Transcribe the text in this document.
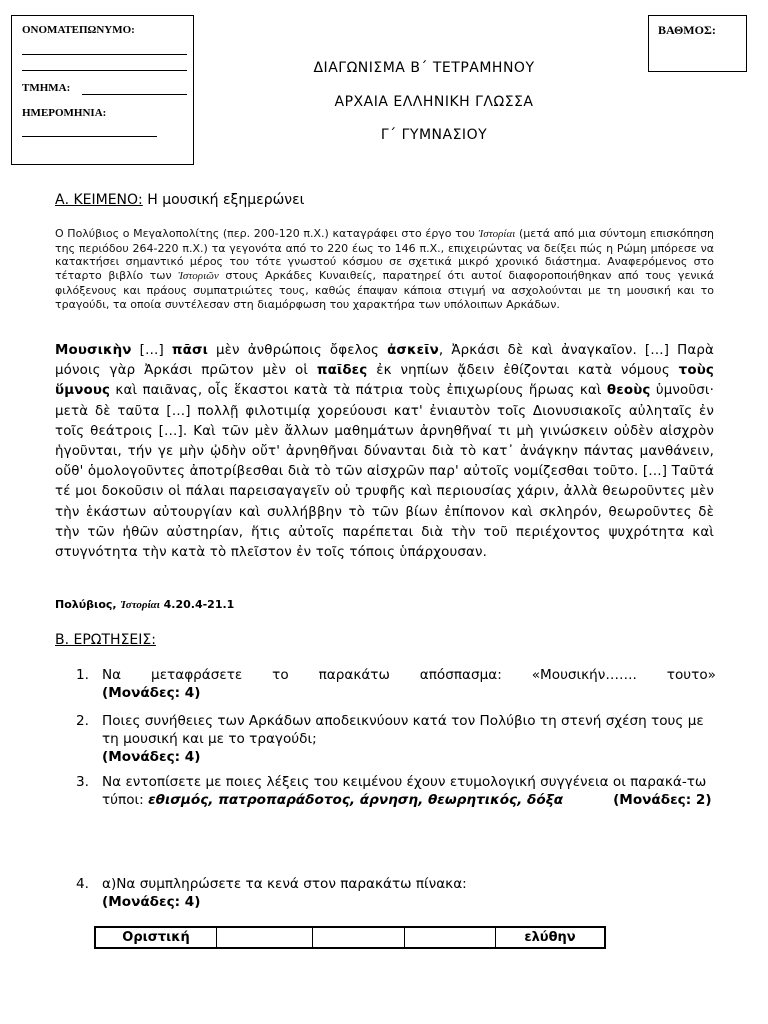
ΟΝΟΜΑΤΕΠΩΝΥΜΟ:
ΤΜΗΜΑ:
ΗΜΕΡΟΜΗΝΙΑ:
ΒΑΘΜΟΣ:
ΔΙΑΓΩΝΙΣΜΑ Β΄ ΤΕΤΡΑΜΗΝΟΥ
ΑΡΧΑΙΑ ΕΛΛΗΝΙΚΗ ΓΛΩΣΣΑ
Γ΄ ΓΥΜΝΑΣΙΟΥ
Α. ΚΕΙΜΕΝΟ: Η μουσική εξημερώνει
Ο Πολύβιος ο Μεγαλοπολίτης (περ. 200-120 π.Χ.) καταγράφει στο έργο του Ἱστορίαι (μετά από μια σύντομη επισκόπηση της περιόδου 264-220 π.Χ.) τα γεγονότα από το 220 έως το 146 π.Χ., επιχειρώντας να δείξει πώς η Ρώμη μπόρεσε να κατακτήσει σημαντικό μέρος του τότε γνωστού κόσμου σε σχετικά μικρό χρονικό διάστημα. Αναφερόμενος στο τέταρτο βιβλίο των Ἱστοριῶν στους Αρκάδες Κυναιθείς, παρατηρεί ότι αυτοί διαφοροποιήθηκαν από τους γενικά φιλόξενους και πράους συμπατριώτες τους, καθώς έπαψαν κάποια στιγμή να ασχολούνται με τη μουσική και το τραγούδι, τα οποία συντέλεσαν στη διαμόρφωση του χαρακτήρα των υπόλοιπων Αρκάδων.
Μουσικὴν […] πᾶσι μὲν ἀνθρώποις ὄφελος ἀσκεῖν, Ἀρκάσι δὲ καὶ ἀναγκαῖον. […] Παρὰ μόνοις γὰρ Ἀρκάσι πρῶτον μὲν οἱ παῖδες ἐκ νηπίων ᾄδειν ἐθίζονται κατὰ νόμους τοὺς ὕμνους καὶ παιᾶνας, οἷς ἕκαστοι κατὰ τὰ πάτρια τοὺς ἐπιχωρίους ἥρωας καὶ θεοὺς ὑμνοῦσι· μετὰ δὲ ταῦτα […] πολλῇ φιλοτιμίᾳ χορεύουσι κατ' ἐνιαυτὸν τοῖς Διονυσιακοῖς αὐληταῖς ἐν τοῖς θεάτροις […]. Καὶ τῶν μὲν ἄλλων μαθημάτων ἀρνηθῆναί τι μὴ γινώσκειν οὐδὲν αἰσχρὸν ἡγοῦνται, τήν γε μὴν ᾠδὴν οὔτ' ἀρνηθῆναι δύνανται διὰ τὸ κατ᾽ ἀνάγκην πάντας μανθάνειν, οὔθ' ὁμολογοῦντες ἀποτρίβεσθαι διὰ τὸ τῶν αἰσχρῶν παρ' αὐτοῖς νομίζεσθαι τοῦτο. […] Ταῦτά τέ μοι δοκοῦσιν οἱ πάλαι παρεισαγαγεῖν οὐ τρυφῆς καὶ περιουσίας χάριν, ἀλλὰ θεωροῦντες μὲν τὴν ἑκάστων αὐτουργίαν καὶ συλλήββην τὸ τῶν βίων ἐπίπονον καὶ σκληρόν, θεωροῦντες δὲ τὴν τῶν ἠθῶν αὐστηρίαν, ἥτις αὐτοῖς παρέπεται διὰ τὴν τοῦ περιέχοντος ψυχρότητα καὶ στυγνότητα τὴν κατὰ τὸ πλεῖστον ἐν τοῖς τόποις ὑπάρχουσαν.
Πολύβιος, Ἱστορίαι 4.20.4-21.1
Β. ΕΡΩΤΗΣΕΙΣ:
1. Να μεταφράσετε το παρακάτω απόσπασμα: «Μουσικήν……. τουτο»
(Μονάδες: 4)
2. Ποιες συνήθειες των Αρκάδων αποδεικνύουν κατά τον Πολύβιο τη στενή σχέση τους με τη μουσική και με το τραγούδι;
(Μονάδες: 4)
3. Να εντοπίσετε με ποιες λέξεις του κειμένου έχουν ετυμολογική συγγένεια οι παρακά-τω τύποι: εθισμός, πατροπαράδοτος, άρνηση, θεωρητικός, δόξα	(Μονάδες: 2)
4. α)Να συμπληρώσετε τα κενά στον παρακάτω πίνακα:
(Μονάδες: 4)
Οριστική	ελύθην
